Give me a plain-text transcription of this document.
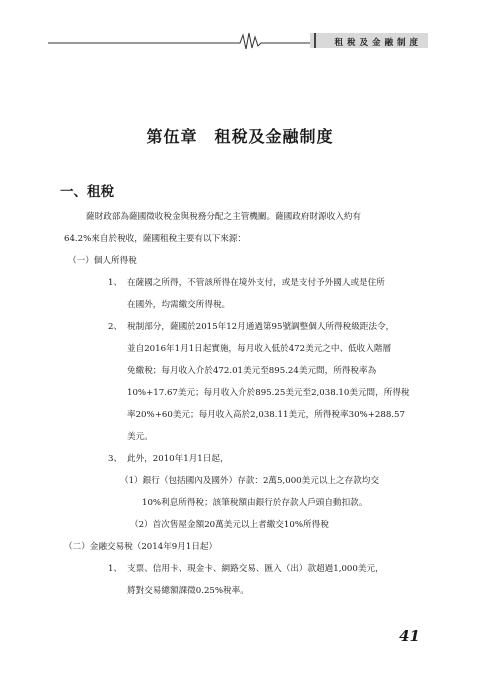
租稅及金融制度
第伍章　租稅及金融制度
一、租稅
薩財政部為薩國徵收稅金與稅務分配之主管機關。薩國政府財源收入約有
64.2%來自於稅收，薩國租稅主要有以下來源：
（一）個人所得稅
1、 在薩國之所得，不管該所得在境外支付，或是支付予外國人或是住所
在國外，均需繳交所得稅。
2、 稅制部分，薩國於2015年12月通過第95號調整個人所得稅級距法令，
並自2016年1月1日起實施，每月收入低於472美元之中、低收入階層
免繳稅；每月收入介於472.01美元至895.24美元間，所得稅率為
10%+17.67美元；每月收入介於895.25美元至2,038.10美元間，所得稅
率20%+60美元；每月收入高於2,038.11美元，所得稅率30%+288.57
美元。
3、 此外，2010年1月1日起，
（1）銀行（包括國內及國外）存款：2萬5,000美元以上之存款均交
10%利息所得稅；該筆稅額由銀行於存款人戶頭自動扣款。
（2）首次售屋金額20萬美元以上者繳交10%所得稅
（二）金融交易稅（2014年9月1日起）
1、 支票、信用卡、現金卡、網路交易、匯入（出）款超過1,000美元，
將對交易總額課徵0.25%稅率。
41
